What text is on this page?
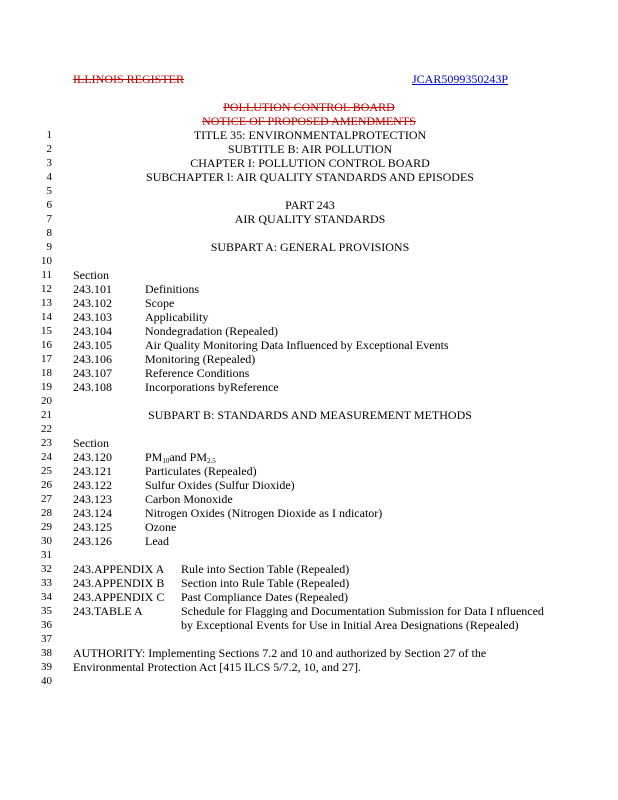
ILLINOIS REGISTER	JCAR5099350243P
POLLUTION CONTROL BOARD
NOTICE OF PROPOSED AMENDMENTS
1	TITLE 35: ENVIRONMENTALPROTECTION
2	SUBTITLE B: AIR POLLUTION
3	CHAPTER I: POLLUTION CONTROL BOARD
4	SUBCHAPTER l: AIR QUALITY STANDARDS AND EPISODES
5
6	PART 243
7	AIR QUALITY STANDARDS
8
9	SUBPART A: GENERAL PROVISIONS
10
11 Section
12 243.101	Definitions
13 243.102	Scope
14 243.103	Applicability
15 243.104	Nondegradation (Repealed)
16 243.105	Air Quality Monitoring Data Influenced by Exceptional Events
17 243.106	Monitoring (Repealed)
18 243.107	Reference Conditions
19 243.108	Incorporations byReference
20
21	SUBPART B: STANDARDS AND MEASUREMENT METHODS
22
23 Section
24 243.120	$PM_{10}and$ $PM_{2.5}$
25 243.121	Particulates (Repealed)
26 243.122	Sulfur Oxides (Sulfur Dioxide)
27 243.123	Carbon Monoxide
28 243.124	Nitrogen Oxides (Nitrogen Dioxide as I ndicator)
29 243.125	Ozone
30 243.126	Lead
31
32 243.APPENDIX A Rule into Section Table (Repealed)
33 243.APPENDIX B Section into Rule Table (Repealed)
34 243.APPENDIX C Past Compliance Dates (Repealed)
35 243.TABLE A	Schedule for Flagging and Documentation Submission for Data I nfluenced
36	by Exceptional Events for Use in Initial Area Designations (Repealed)
37
38 AUTHORITY: Implementing Sections 7.2 and 10 and authorized by Section 27 of the
39 Environmental Protection Act [415 ILCS 5/7.2, 10, and 27].
40
